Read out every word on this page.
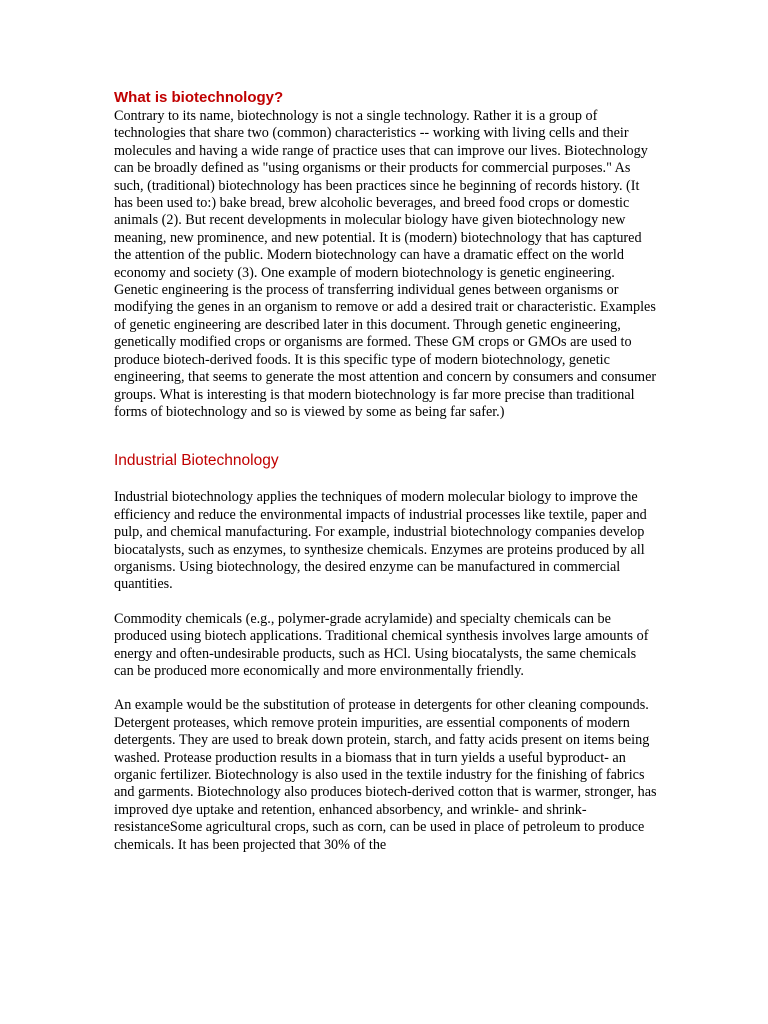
What is biotechnology?

Contrary to its name, biotechnology is not a single technology. Rather it is a group of technologies that share two (common) characteristics -- working with living cells and their molecules and having a wide range of practice uses that can improve our lives. Biotechnology can be broadly defined as "using organisms or their products for commercial purposes." As such, (traditional) biotechnology has been practices since he beginning of records history. (It has been used to:) bake bread, brew alcoholic beverages, and breed food crops or domestic animals (2). But recent developments in molecular biology have given biotechnology new meaning, new prominence, and new potential. It is (modern) biotechnology that has captured the attention of the public. Modern biotechnology can have a dramatic effect on the world economy and society (3). One example of modern biotechnology is genetic engineering. Genetic engineering is the process of transferring individual genes between organisms or modifying the genes in an organism to remove or add a desired trait or characteristic. Examples of genetic engineering are described later in this document. Through genetic engineering, genetically modified crops or organisms are formed. These GM crops or GMOs are used to produce biotech-derived foods. It is this specific type of modern biotechnology, genetic engineering, that seems to generate the most attention and concern by consumers and consumer groups. What is interesting is that modern biotechnology is far more precise than traditional forms of biotechnology and so is viewed by some as being far safer.)

Industrial Biotechnology

Industrial biotechnology applies the techniques of modern molecular biology to improve the efficiency and reduce the environmental impacts of industrial processes like textile, paper and pulp, and chemical manufacturing. For example, industrial biotechnology companies develop biocatalysts, such as enzymes, to synthesize chemicals. Enzymes are proteins produced by all organisms. Using biotechnology, the desired enzyme can be manufactured in commercial quantities.

Commodity chemicals (e.g., polymer-grade acrylamide) and specialty chemicals can be produced using biotech applications. Traditional chemical synthesis involves large amounts of energy and often-undesirable products, such as HCl. Using biocatalysts, the same chemicals can be produced more economically and more environmentally friendly.

An example would be the substitution of protease in detergents for other cleaning compounds. Detergent proteases, which remove protein impurities, are essential components of modern detergents. They are used to break down protein, starch, and fatty acids present on items being washed. Protease production results in a biomass that in turn yields a useful byproduct- an organic fertilizer. Biotechnology is also used in the textile industry for the finishing of fabrics and garments. Biotechnology also produces biotech-derived cotton that is warmer, stronger, has improved dye uptake and retention, enhanced absorbency, and wrinkle- and shrink-resistanceSome agricultural crops, such as corn, can be used in place of petroleum to produce chemicals. It has been projected that 30% of the
